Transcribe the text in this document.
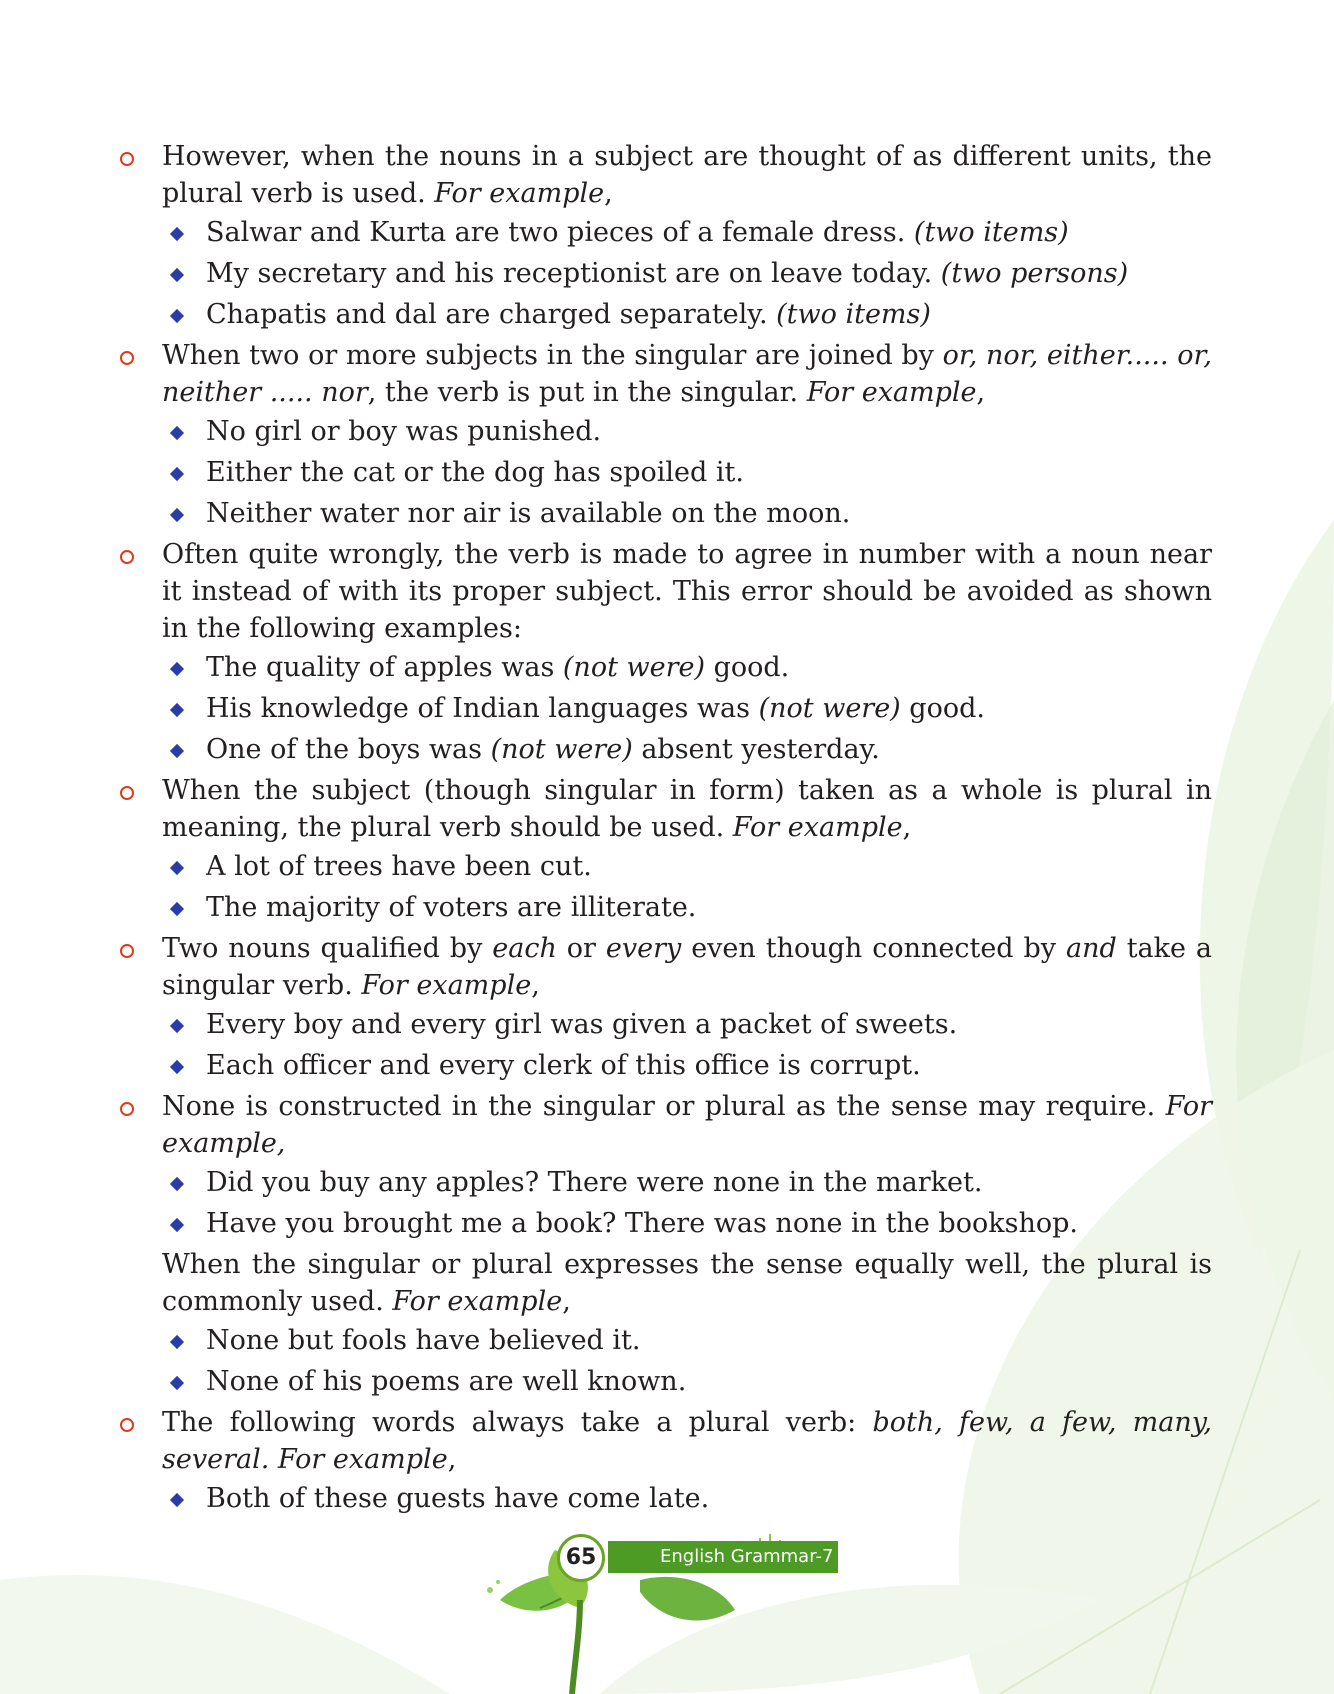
However, when the nouns in a subject are thought of as different units, the plural verb is used. For example,
Salwar and Kurta are two pieces of a female dress. (two items)
My secretary and his receptionist are on leave today. (two persons)
Chapatis and dal are charged separately. (two items)
When two or more subjects in the singular are joined by or, nor, either..... or, neither ..... nor, the verb is put in the singular. For example,
No girl or boy was punished.
Either the cat or the dog has spoiled it.
Neither water nor air is available on the moon.
Often quite wrongly, the verb is made to agree in number with a noun near it instead of with its proper subject. This error should be avoided as shown in the following examples:
The quality of apples was (not were) good.
His knowledge of Indian languages was (not were) good.
One of the boys was (not were) absent yesterday.
When the subject (though singular in form) taken as a whole is plural in meaning, the plural verb should be used. For example,
A lot of trees have been cut.
The majority of voters are illiterate.
Two nouns qualified by each or every even though connected by and take a singular verb. For example,
Every boy and every girl was given a packet of sweets.
Each officer and every clerk of this office is corrupt.
None is constructed in the singular or plural as the sense may require. For example,
Did you buy any apples? There were none in the market.
Have you brought me a book? There was none in the bookshop.
When the singular or plural expresses the sense equally well, the plural is commonly used. For example,
None but fools have believed it.
None of his poems are well known.
The following words always take a plural verb: both, few, a few, many, several. For example,
Both of these guests have come late.
65	English Grammar-7
